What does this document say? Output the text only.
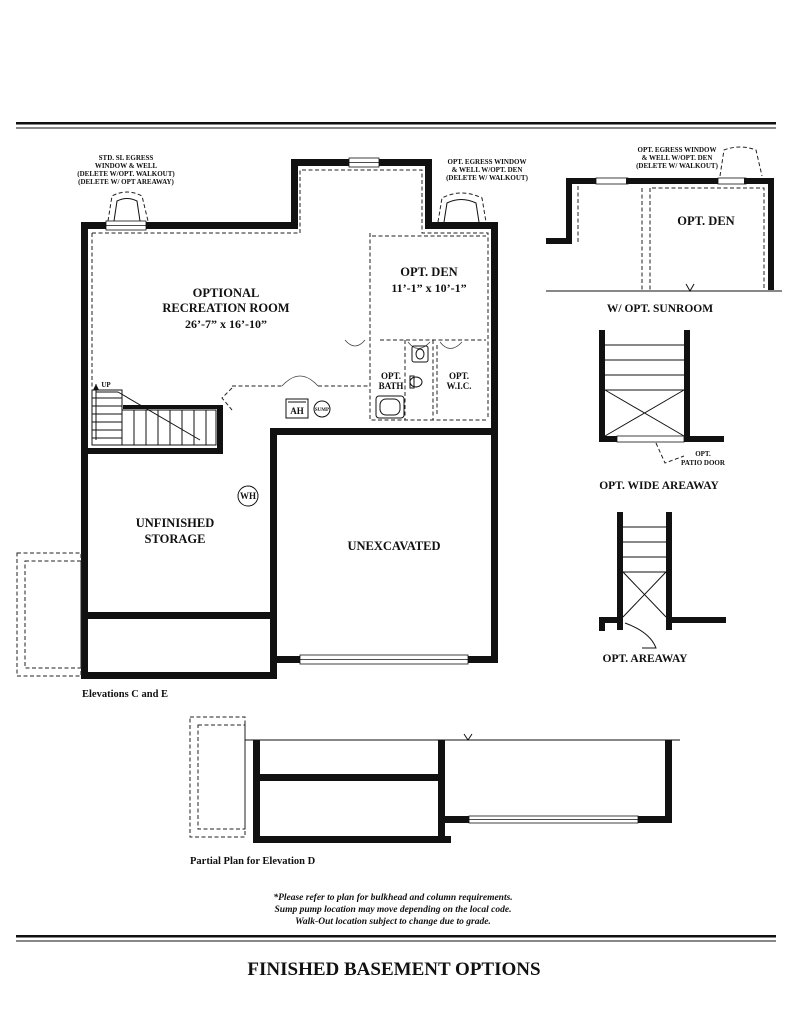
UP
AH SUMP
WH
OPTIONAL
RECREATION ROOM
26’-7” x 16’-10”
OPT. DEN
11’-1” x 10’-1”
OPT.
BATH
OPT.
W.I.C.
UNFINISHED
STORAGE	UNEXCAVATED
STD. SL EGRESS
WINDOW & WELL
(DELETE W/OPT. WALKOUT)
(DELETE W/ OPT AREAWAY)
OPT. EGRESS WINDOW
& WELL W/OPT. DEN
(DELETE W/ WALKOUT)
Elevations C and E
OPT. DEN
W/ OPT. SUNROOM
OPT. EGRESS WINDOW
& WELL W/OPT. DEN
(DELETE W/ WALKOUT)
OPT.
PATIO DOOR
OPT. WIDE AREAWAY
OPT. AREAWAY
Partial Plan for Elevation D
*Please refer to plan for bulkhead and column requirements.
Sump pump location may move depending on the local code.
Walk-Out location subject to change due to grade.
FINISHED BASEMENT OPTIONS
